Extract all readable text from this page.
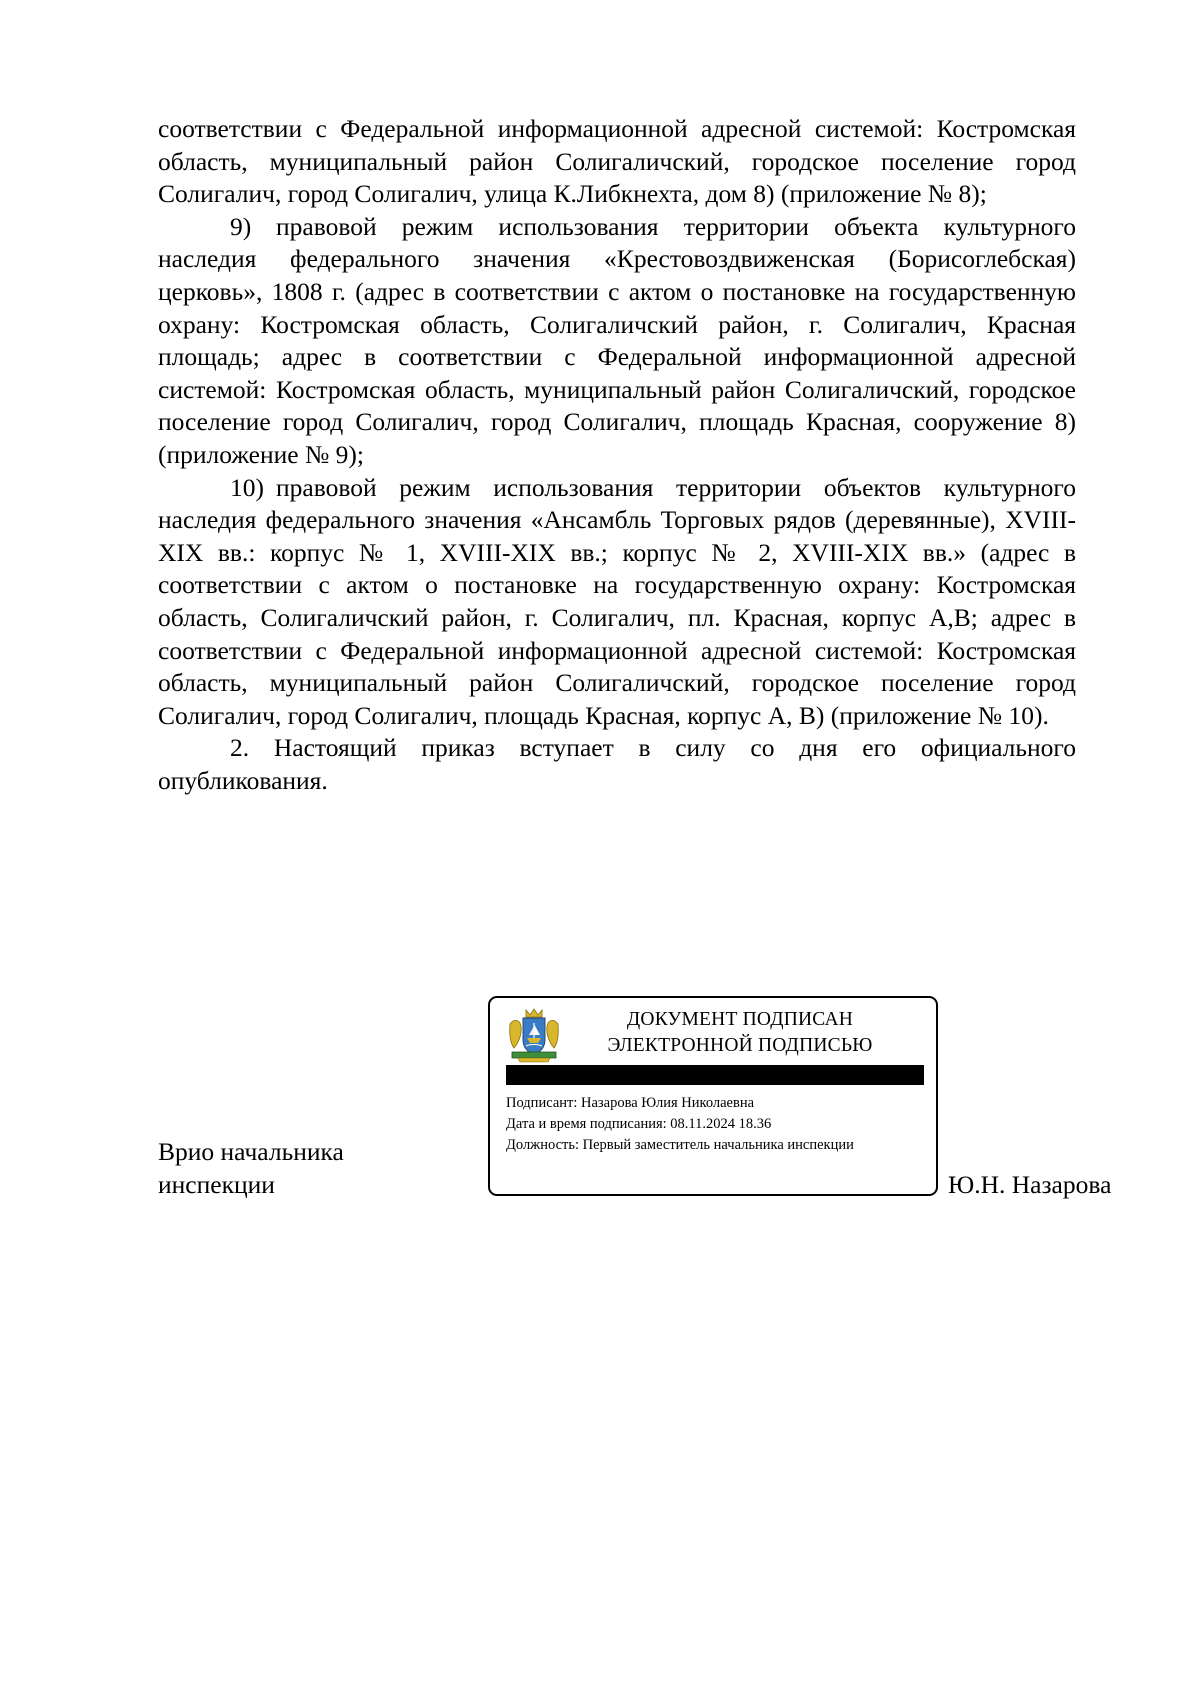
соответствии с Федеральной информационной адресной системой: Костромская область, муниципальный район Солигаличский, городское поселение город Солигалич, город Солигалич, улица К.Либкнехта, дом 8) (приложение № 8);

9) правовой режим использования территории объекта культурного наследия федерального значения «Крестовоздвиженская (Борисоглебская) церковь», 1808 г. (адрес в соответствии с актом о постановке на государственную охрану: Костромская область, Солигаличский район, г. Солигалич, Красная площадь; адрес в соответствии с Федеральной информационной адресной системой: Костромская область, муниципальный район Солигаличский, городское поселение город Солигалич, город Солигалич, площадь Красная, сооружение 8) (приложение № 9);

10) правовой режим использования территории объектов культурного наследия федерального значения «Ансамбль Торговых рядов (деревянные), XVIII-XIX вв.: корпус № 1, XVIII-XIX вв.; корпус № 2, XVIII-XIX вв.» (адрес в соответствии с актом о постановке на государственную охрану: Костромская область, Солигаличский район, г. Солигалич, пл. Красная, корпус А,В; адрес в соответствии с Федеральной информационной адресной системой: Костромская область, муниципальный район Солигаличский, городское поселение город Солигалич, город Солигалич, площадь Красная, корпус А, В) (приложение № 10).

2. Настоящий приказ вступает в силу со дня его официального опубликования.

Врио начальника
инспекции
ДОКУМЕНТ ПОДПИСАН
ЭЛЕКТРОННОЙ ПОДПИСЬЮ
Подписант: Назарова Юлия Николаевна
Дата и время подписания: 08.11.2024 18.36
Должность: Первый заместитель начальника инспекции
Ю.Н. Назарова
